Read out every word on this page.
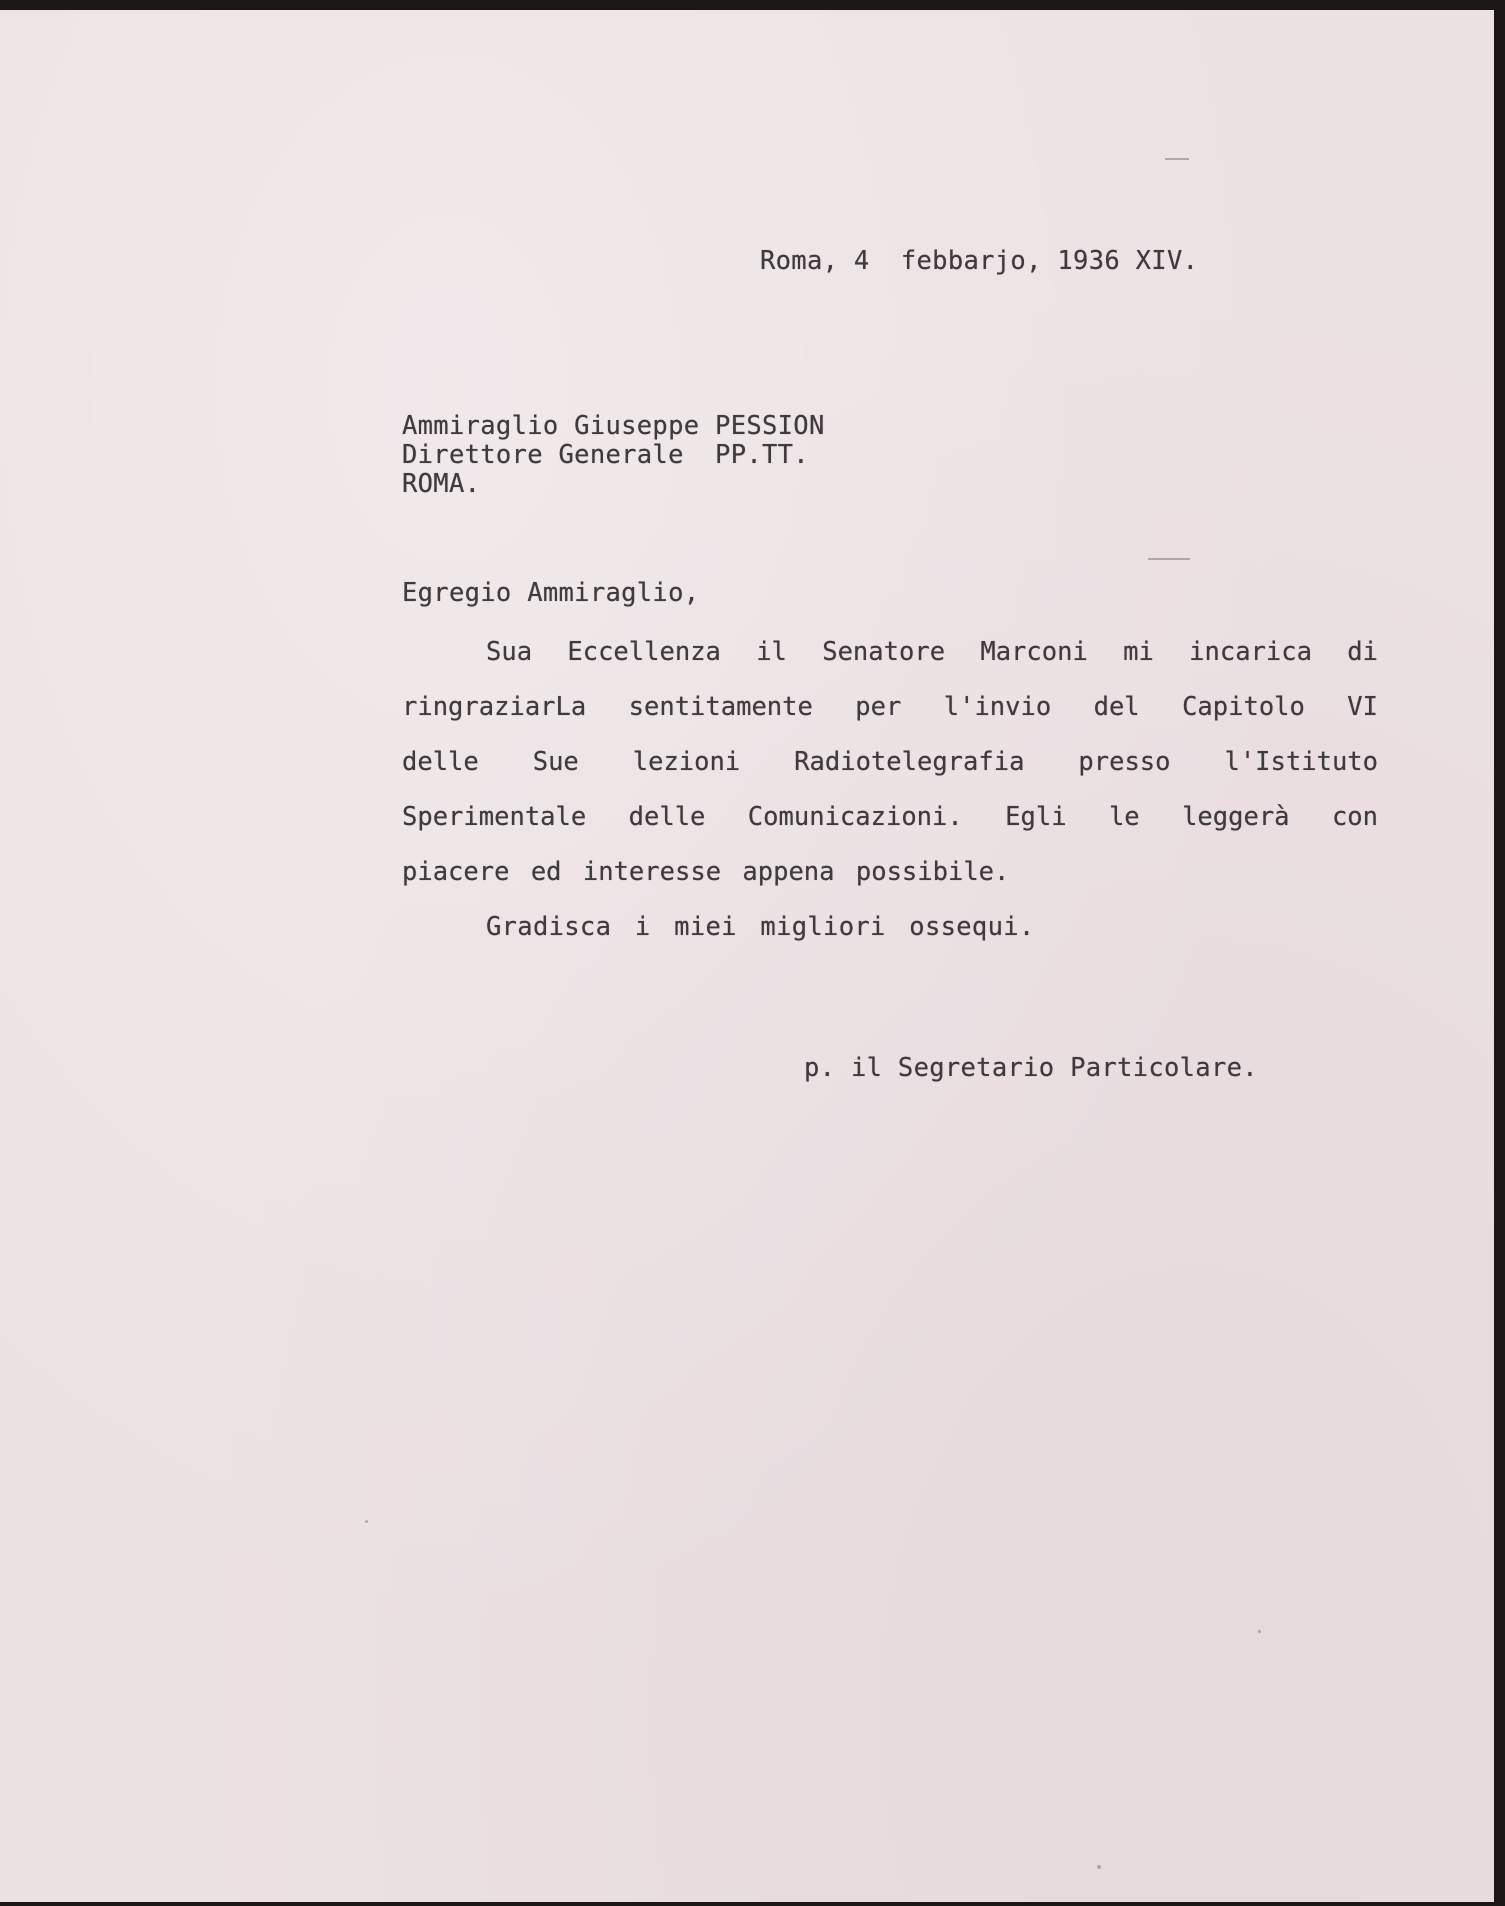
Roma, 4  febbarjo, 1936 XIV.
Ammiraglio Giuseppe PESSION
Direttore Generale  PP.TT.
ROMA.
Egregio Ammiraglio,
Sua Eccellenza il Senatore Marconi mi incarica di
ringraziarLa sentitamente per l'invio del Capitolo VI
delle Sue lezioni Radiotelegrafia presso l'Istituto
Sperimentale delle Comunicazioni. Egli le leggerà con
piacere ed interesse appena possibile.
Gradisca i miei migliori ossequi.
p. il Segretario Particolare.
